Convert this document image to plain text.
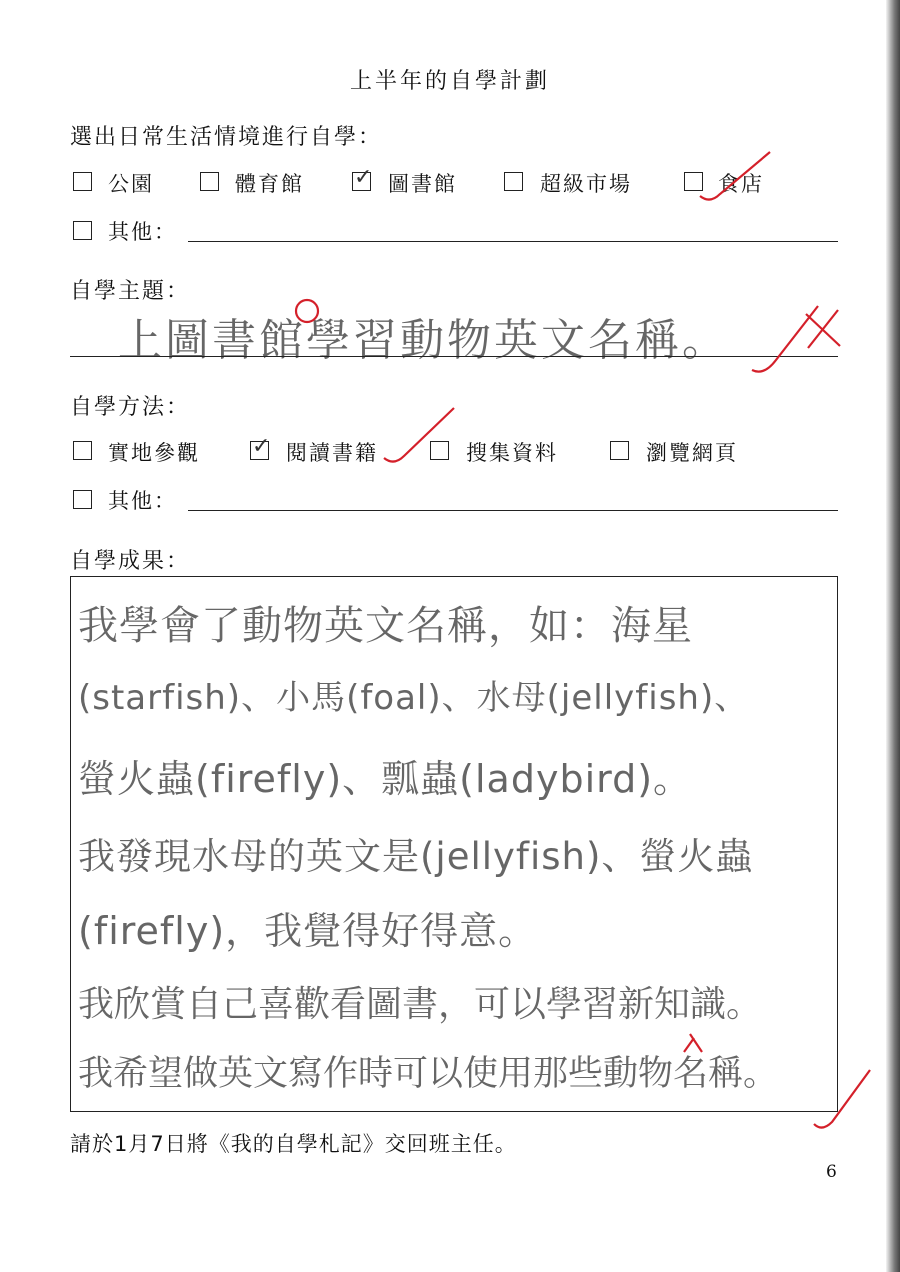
上半年的自學計劃
選出日常生活情境進行自學：
公園	體育館 ✓ 圖書館	超級市場	食店
其他：
自學主題：
上圖書館學習動物英文名稱。
自學方法：
實地參觀 ✓ 閱讀書籍	搜集資料	瀏覽網頁
其他：
自學成果：
我學會了動物英文名稱，如：海星
(starfish)、小馬(foal)、水母(jellyfish)、
螢火蟲(firefly)、瓢蟲(ladybird)。
我發現水母的英文是(jellyfish)、螢火蟲
(firefly)，我覺得好得意。
我欣賞自己喜歡看圖書，可以學習新知識。
我希望做英文寫作時可以使用那些動物名稱。
請於1月7日將《我的自學札記》交回班主任。
6
